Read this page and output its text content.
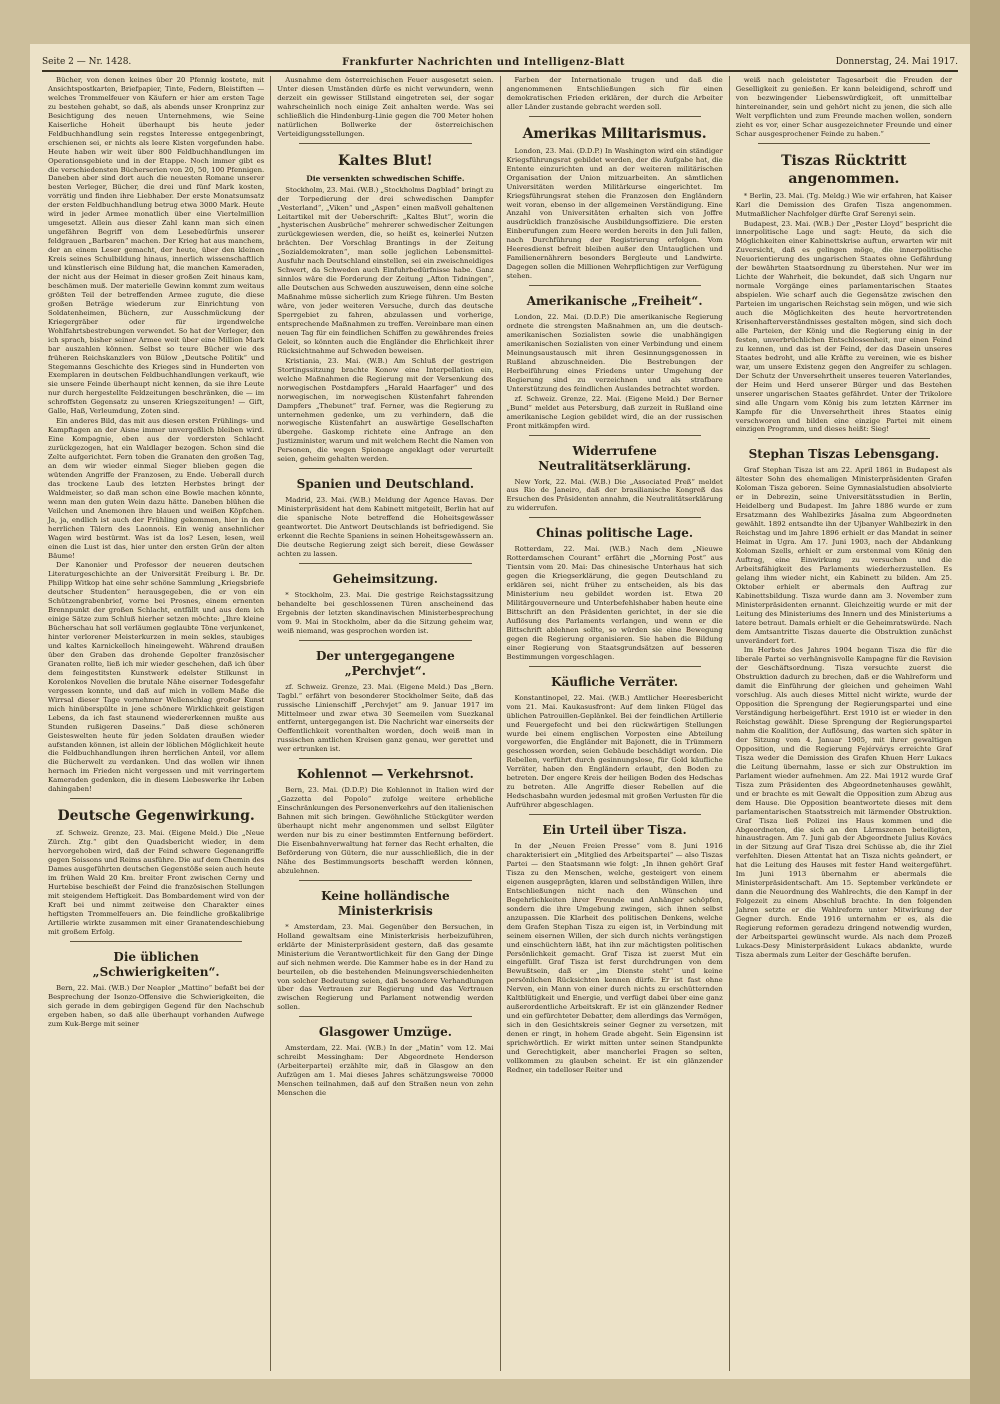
Seite 2 — Nr. 1428.	Frankfurter Nachrichten und Intelligenz-Blatt	Donnerstag, 24. Mai 1917.

Bücher, von denen keines über 20 Pfennig kostete, mit Ansichtspostkarten, Briefpapier, Tinte, Federn, Bleistiften — welches Trommelfeuer von Käufern er hier am ersten Tage zu bestehen gehabt, so daß, als abends unser Kronprinz zur Besichtigung des neuen Unternehmens, wie Seine Kaiserliche Hoheit überhaupt bis heute jeder Feldbuchhandlung sein regstes Interesse entgegenbringt, erschienen sei, er nichts als leere Kisten vorgefunden habe. Heute haben wir weit über 800 Feldbuchhandlungen im Operationsgebiete und in der Etappe. Noch immer gibt es die verschiedensten Bücherserien von 20, 50, 100 Pfennigen. Daneben aber sind dort auch die neuesten Romane unserer besten Verleger, Bücher, die drei und fünf Mark kosten, vorrätig und finden ihre Liebhaber. Der erste Monatsumsatz der ersten Feldbuchhandlung betrug etwa 3000 Mark. Heute wird in jeder Armee monatlich über eine Viertelmillion umgesetzt. Allein aus dieser Zahl kann man sich einen ungefähren Begriff von dem Lesebedürfnis unserer feldgrauen „Barbaren“ machen. Der Krieg hat aus manchem, der an einem Leser gemacht, der heute, über den kleinen Kreis seines Schulbildung hinaus, innerlich wissenschaftlich und künstlerisch eine Bildung hat, die manchen Kameraden, der nicht aus der Heimat in dieser großen Zeit hinaus kam, beschämen muß. Der materielle Gewinn kommt zum weitaus größten Teil der betreffenden Armee zugute, die diese großen Beträge wiederum zur Einrichtung von Soldatenheimen, Büchern, zur Ausschmückung der Kriegergräber oder für irgendwelche Wohlfahrtsbestrebungen verwendet. So hat der Verleger, den ich sprach, bisher seiner Armee weit über eine Million Mark bar auszahlen können. Selbst so teure Bücher wie des früheren Reichskanzlers von Bülow „Deutsche Politik“ und Stegemanns Geschichte des Krieges sind in Hunderten von Exemplaren in deutschen Feldbuchhandlungen verkauft, wie sie unsere Feinde überhaupt nicht kennen, da sie ihre Leute nur durch hergestellte Feldzeitungen beschränken, die — im schroffsten Gegensatz zu unseren Kriegszeitungen! — Gift, Galle, Haß, Verleumdung, Zoten sind.

Ein anderes Bild, das mit aus diesen ersten Frühlings- und Kampftagen an der Aisne immer unvergeßlich bleiben wird. Eine Kompagnie, eben aus der vordersten Schlacht zurückgezogen, hat ein Waldlager bezogen. Schon sind die Zelte aufgerichtet. Fern toben die Granaten den großen Tag, an dem wir wieder einmal Sieger blieben gegen die wütenden Angriffe der Franzosen, zu Ende. Ueberall durch das trockene Laub des letzten Herbstes bringt der Waldmeister, so daß man schon eine Bowle machen könnte, wenn man den guten Wein dazu hätte. Daneben blühen die Veilchen und Anemonen ihre blauen und weißen Köpfchen. Ja, ja, endlich ist auch der Frühling gekommen, hier in den herrlichen Tälern des Laonnois. Ein wenig ansehnlicher Wagen wird bestürmt. Was ist da los? Lesen, lesen, weil einen die Lust ist das, hier unter den ersten Grün der alten Bäume!

Der Kanonier und Professor der neueren deutschen Literaturgeschichte an der Universität Freiburg i. Br. Dr. Philipp Witkop hat eine sehr schöne Sammlung „Kriegsbriefe deutscher Studenten“ herausgegeben, die er von ein Schützengrabenbrief, vorne bei Prosnes, einem ernenten Brennpunkt der großen Schlacht, entfällt und aus dem ich einige Sätze zum Schluß hierher setzen möchte: „Ihre kleine Bücherschau hat soll verläumen geglaubte Töne verjunkenet, hinter verlorener Meisterkurzen in mein sekles, staubiges und kaltes Karnickelloch hineingeweht. Während draußen über den Graben das drohende Gepolter französischer Granaten rollte, ließ ich mir wieder geschehen, daß ich über dem feingestitsten Kunstwerk edelster Stilkunst in Korolenkos Novellen die brutale Nähe eiserner Todesgefahr vergessen konnte, und daß auf mich in vollem Maße die Wirrsal dieser Tage vornehmer Wellenschlag großer Kunst mich hinüberspülte in jene schönere Wirklichkeit geistigen Lebens, da ich fast staunend wiedererkennen mußte aus Stunden rußigeren Daseins.“ Daß diese schöneren Geisteswelten heute für jeden Soldaten draußen wieder aufstanden können, ist allein der löblichen Möglichkeit heute die Feldbuchhandlungen ihren herrlichen Anteil, vor allem die Bücherwelt zu verdanken. Und das wollen wir ihnen hernach im Frieden nicht vergessen und mit verringertem Kameraden gedenken, die in diesem Liebeswerke ihr Leben dahingaben!

Deutsche Gegenwirkung.

zf. Schweiz. Grenze, 23. Mai. (Eigene Meld.) Die „Neue Zürch. Ztg.“ gibt den Quadsbericht wieder, in dem hervorgehoben wird, daß der Feind schwere Gegenangriffe gegen Soissons und Reims ausführe. Die auf dem Chemin des Dames ausgeführten deutschen Gegenstöße seien auch heute im frühen Wald 20 Km. breiter Front zwischen Cerny und Hurtebise beschießt der Feind die französischen Stellungen mit steigendem Heftigkeit. Das Bombardement wird von der Kraft bei und nimmt zeitweise den Charakter eines heftigsten Trommelfeuers an. Die feindliche großkalibrige Artillerie wirkte zusammen mit einer Granatendeschiebung mit großem Erfolg.

Die üblichen „Schwierigkeiten“.

Bern, 22. Mai. (W.B.) Der Neapler „Mattino“ befaßt bei der Besprechung der Isonzo-Offensive die Schwierigkeiten, die sich gerade in dem gebirgigen Gegend für den Nachschub ergeben haben, so daß alle überhaupt vorhanden Aufwege zum Kuk-Berge mit seiner

Ausnahme dem österreichischen Feuer ausgesetzt seien. Unter diesen Umständen dürfe es nicht verwundern, wenn derzeit ein gewisser Stillstand eingetreten sei, der sogar wahrscheinlich noch einige Zeit anhalten werde. Was sei schließlich die Hindenburg-Linie gegen die 700 Meter hohen natürlichen Bollwerke der österreichischen Verteidigungsstellungen.

Kaltes Blut!
Die versenkten schwedischen Schiffe.

Stockholm, 23. Mai. (W.B.) „Stockholms Dagblad“ bringt zu der Torpedierung der drei schwedischen Dampfer „Vesterland“, „Viken“ und „Aspen“ einen maßvoll gehaltenen Leitartikel mit der Ueberschrift: „Kaltes Blut“, worin die „hysterischen Ausbrüche“ mehrerer schwedischer Zeitungen zurückgewiesen werden, die, so heißt es, keinerlei Nutzen brächten. Der Vorschlag Brantings in der Zeitung „Sozialdemokraten“, man solle jeglichen Lebensmittel-Ausfuhr nach Deutschland einstellen, sei ein zweischneidiges Schwert, da Schweden auch Einfuhrbedürfnisse habe. Ganz sinnlos wäre die Forderung der Zeitung „Afton Tidningen“, alle Deutschen aus Schweden auszuweisen, denn eine solche Maßnahme müsse sicherlich zum Kriege führen. Um Besten wäre, von jeder weiteren Versuche, durch das deutsche Sperrgebiet zu fahren, abzulassen und vorherige, entsprechende Maßnahmen zu treffen. Vereinbare man einen neuen Tag für ein feindlichen Schiffen zu gewährendes freies Geleit, so könnten auch die Engländer die Ehrlichkeit ihrer Rücksichtnahme auf Schweden beweisen.

Kristiania, 23. Mai. (W.B.) Am Schluß der gestrigen Stortingssitzung brachte Konow eine Interpellation ein, welche Maßnahmen die Regierung mit der Versenkung des norwegischen Postdampfers „Harald Haarfager“ und des norwegischen, im norwegischen Küstenfahrt fahrenden Dampfers „Thebunet“ traf. Ferner, was die Regierung zu unternehmen gedenke, um zu verhindern, daß die norwegische Küstenfahrt an auswärtige Gesellschaften übergehe. Gaskomp richtete eine Anfrage an den Justizminister, warum und mit welchem Recht die Namen von Personen, die wegen Spionage angeklagt oder verurteilt seien, geheim gehalten werden.

Spanien und Deutschland.

Madrid, 23. Mai. (W.B.) Meldung der Agence Havas. Der Ministerpräsident hat dem Kabinett mitgeteilt, Berlin hat auf die spanische Note betreffend die Hoheitsgewässer geantwortet. Die Antwort Deutschlands ist befriedigend. Sie erkennt die Rechte Spaniens in seinen Hoheitsgewässern an. Die deutsche Regierung zeigt sich bereit, diese Gewässer achten zu lassen.

Geheimsitzung.

* Stockholm, 23. Mai. Die gestrige Reichstagssitzung behandelte bei geschlossenen Türen anscheinend das Ergebnis der letzten skandinavischen Ministerbesprechung vom 9. Mai in Stockholm, aber da die Sitzung geheim war, weiß niemand, was gesprochen worden ist.

Der untergegangene „Perchvjet“.

zf. Schweiz. Grenze, 23. Mai. (Eigene Meld.) Das „Bern. Tagbl.“ erfährt von besonderer Stockholmer Seite, daß das russische Linienschiff „Perchvjet“ am 9. Januar 1917 im Mittelmeer und zwar etwa 30 Seemeilen vom Suezkanal entfernt, untergegangen ist. Die Nachricht war einerseits der Oeffentlichkeit vorenthalten worden, doch weiß man in russischen amtlichen Kreisen ganz genau, wer gerettet und wer ertrunken ist.

Kohlennot — Verkehrsnot.

Bern, 23. Mai. (D.D.P.) Die Kohlennot in Italien wird der „Gazzetta del Popolo“ zufolge weitere erhebliche Einschränkungen des Personenverkehrs auf den italienischen Bahnen mit sich bringen. Gewöhnliche Stückgüter werden überhaupt nicht mehr angenommen und selbst Eilgüter werden nur bis zu einer bestimmten Entfernung befördert. Die Eisenbahnverwaltung hat ferner das Recht erhalten, die Beförderung von Gütern, die nur ausschließlich, die in der Nähe des Bestimmungsorts beschafft werden können, abzulehnen.

Keine holländische Ministerkrisis

* Amsterdam, 23. Mai. Gegenüber den Bersuchen, in Holland gewaltsam eine Ministerkrisis herbeizuführen, erklärte der Ministerpräsident gestern, daß das gesamte Ministerium die Verantwortlichkeit für den Gang der Dinge auf sich nehmen werde. Die Kammer habe es in der Hand zu beurteilen, ob die bestehenden Meinungsverschiedenheiten von solcher Bedeutung seien, daß besondere Verhandlungen über das Vertrauen zur Regierung und das Vertrauen zwischen Regierung und Parlament notwendig werden sollen.

Glasgower Umzüge.

Amsterdam, 22. Mai. (W.B.) In der „Matin“ vom 12. Mai schreibt Messingham: Der Abgeordnete Henderson (Arbeiterpartei) erzählte mir, daß in Glasgow an den Aufzügen am 1. Mai dieses Jahres schätzungsweise 70000 Menschen teilnahmen, daß auf den Straßen neun von zehn Menschen die

Farben der Internationale trugen und daß die angenommenen Entschließungen sich für einen demokratischen Frieden erklären, der durch die Arbeiter aller Länder zustande gebracht werden soll.

Amerikas Militarismus.

London, 23. Mai. (D.D.P.) In Washington wird ein ständiger Kriegsführungsrat gebildet werden, der die Aufgabe hat, die Entente einzurichten und an der weiteren militärischen Organisation der Union mitzuarbeiten. An sämtlichen Universitäten werden Militärkurse eingerichtet. Im Kriegsführungsrat stehen die Franzosen den Engländern weit voran, ebenso in der allgemeinen Verständigung. Eine Anzahl von Universitäten erhalten sich von Joffre ausdrücklich französische Ausbildungsoffiziere. Die ersten Einberufungen zum Heere werden bereits in den Juli fallen, nach Durchführung der Registrierung erfolgen. Vom Heeresdienst befreit bleiben außer den Untauglichen und Familienernährern besonders Bergleute und Landwirte. Dagegen sollen die Millionen Wehrpflichtigen zur Verfügung stehen.

Amerikanische „Freiheit“.

London, 22. Mai. (D.D.P.) Die amerikanische Regierung ordnete die strengsten Maßnahmen an, um die deutsch-amerikanischen Sozialisten sowie die unabhängigen amerikanischen Sozialisten von einer Verbindung und einem Meinungsaustausch mit ihren Gesinnungsgenossen in Rußland abzuschneiden. Die Bestrebungen der Herbeiführung eines Friedens unter Umgehung der Regierung sind zu verzeichnen und als strafbare Unterstützung des feindlichen Auslandes betrachtet worden.

zf. Schweiz. Grenze, 22. Mai. (Eigene Meld.) Der Berner „Bund“ meldet aus Petersburg, daß zurzeit in Rußland eine amerikanische Legion gebildet wird, die an der russischen Front mitkämpfen wird.

Widerrufene Neutralitätserklärung.

New York, 22. Mai. (W.B.) Die „Associated Preß“ meldet aus Rio de Janeiro, daß der brasilianische Kongreß das Ersuchen des Präsidenten annahm, die Neutralitätserklärung zu widerrufen.

Chinas politische Lage.

Rotterdam, 22. Mai. (W.B.) Nach dem „Nieuwe Rotterdamschen Courant“ erfährt die „Morning Post“ aus Tientsin vom 20. Mai: Das chinesische Unterhaus hat sich gegen die Kriegserklärung, die gegen Deutschland zu erklären sei, nicht früher zu entscheiden, als bis das Ministerium neu gebildet worden ist. Etwa 20 Militärgouverneure und Unterbefehlshaber haben heute eine Bittschrift an den Präsidenten gerichtet, in der sie die Auflösung des Parlaments verlangen, und wenn er die Bittschrift ablehnen sollte, so würden sie eine Bewegung gegen die Regierung organisieren. Sie haben die Bildung einer Regierung von Staatsgrundsätzen auf besseren Bestimmungen vorgeschlagen.

Käufliche Verräter.

Konstantinopel, 22. Mai. (W.B.) Amtlicher Heeresbericht vom 21. Mai. Kaukasusfront: Auf dem linken Flügel das üblichen Patrouillen-Geplänkel. Bei der feindlichen Artillerie und Feuergefecht und bei den rückwärtigen Stellungen wurde bei einem englischen Vorposten eine Abteilung vorgeworfen, die Engländer mit Bajonett, die in Trümmern geschossen worden, seien Gebäude beschädigt worden. Die Rebellen, verführt durch gesinnungslose, für Gold käufliche Verräter, haben den Engländern erlaubt, den Boden zu betreten. Der engere Kreis der heiligen Boden des Hedschas zu betreten. Alle Angriffe dieser Rebellen auf die Hedschasbahn wurden jedesmal mit großen Verlusten für die Aufrührer abgeschlagen.

Ein Urteil über Tisza.

In der „Neuen Freien Presse“ vom 8. Juni 1916 charakterisiert ein „Mitglied des Arbeitspartei“ — also Tiszas Partei — den Staatsmann wie folgt: „In ihnen gehört Graf Tisza zu den Menschen, welche, gesteigert von einem eigenen ausgeprägten, klaren und selbständigen Willen, ihre Entschließungen nicht nach den Wünschen und Begehrlichkeiten ihrer Freunde und Anhänger schöpfen, sondern die ihre Umgebung zwingen, sich ihnen selbst anzupassen. Die Klarheit des politischen Denkens, welche dem Grafen Stephan Tisza zu eigen ist, in Verbindung mit seinem eisernen Willen, der sich durch nichts verängstigen und einschüchtern läßt, hat ihn zur mächtigsten politischen Persönlichkeit gemacht. Graf Tisza ist zuerst Mut ein eingefüllt. Graf Tisza ist ferst durchdrungen von dem Bewußtsein, daß er „im Dienste steht“ und keine persönlichen Rücksichten kennen dürfe. Er ist fast ohne Nerven, ein Mann von einer durch nichts zu erschütternden Kaltblütigkeit und Energie, und verfügt dabei über eine ganz außerordentliche Arbeitskraft. Er ist ein glänzender Redner und ein gefürchteter Debatter, dem allerdings das Vermögen, sich in den Gesichtskreis seiner Gegner zu versetzen, mit denen er ringt, in hohem Grade abgeht. Sein Eigensinn ist sprichwörtlich. Er wirkt mitten unter seinen Standpunkte und Gerechtigkeit, aber mancherlei Fragen so selten, vollkommen zu glauben scheint. Er ist ein glänzender Redner, ein tadelloser Reiter und

weiß nach geleisteter Tagesarbeit die Freuden der Geselligkeit zu genießen. Er kann beleidigend, schroff und von bezwingender Liebenswürdigkeit, oft unmittelbar hintereinander, sein und gehört nicht zu jenen, die sich alle Welt verpflichten und zum Freunde machen wollen, sondern zieht es vor, einer Schar ausgezeichneter Freunde und einer Schar ausgesprochener Feinde zu haben.“

Tiszas Rücktritt angenommen.

* Berlin, 23. Mai. (Tg. Meldg.) Wie wir erfahren, hat Kaiser Karl die Demission des Grafen Tisza angenommen. Mutmaßlicher Nachfolger dürfte Graf Serenyi sein.

Budapest, 23. Mai. (W.B.) Der „Pester Lloyd“ bespricht die innerpolitische Lage und sagt: Heute, da sich die Möglichkeiten einer Kabinettskrise auftun, erwarten wir mit Zuversicht, daß es gelingen möge, die innerpolitische Neuorientierung des ungarischen Staates ohne Gefährdung der bewährten Staatsordnung zu überstehen. Nur wer im Lichte der Wahrheit, die bekundet, daß sich Ungarn nur normale Vorgänge eines parlamentarischen Staates abspielen. Wie scharf auch die Gegensätze zwischen den Parteien im ungarischen Reichstag sein mögen, und wie sich auch die Möglichkeiten des heute hervortretenden Krisenhafterverständnisses gestalten mögen, sind sich doch alle Parteien, der König und die Regierung einig in der festen, unverbrüchlichen Entschlossenheit, nur einen Feind zu kennen, und das ist der Feind, der das Dasein unseres Staates bedroht, und alle Kräfte zu vereinen, wie es bisher war, um unsere Existenz gegen den Angreifer zu schlagen. Der Schutz der Unversehrtheit unseres teueren Vaterlandes, der Heim und Herd unserer Bürger und das Bestehen unserer ungarischen Staates gefährdet. Unter der Trikolore sind alle Ungarn vom König bis zum letzten Kärrner im Kampfe für die Unversehrtheit ihres Staates einig verschworen und bilden eine einzige Partei mit einem einzigen Programm, und dieses heißt: Sieg!

Stephan Tiszas Lebensgang.

Graf Stephan Tisza ist am 22. April 1861 in Budapest als ältester Sohn des ehemaligen Ministerpräsidenten Grafen Koloman Tisza geboren. Seine Gymnasialstudien absolvierte er in Debrezin, seine Universitätsstudien in Berlin, Heidelberg und Budapest. Im Jahre 1886 wurde er zum Ersatzmann des Wahlbezirks Jásalna zum Abgeordneten gewählt. 1892 entsandte ihn der Ujbanyer Wahlbezirk in den Reichstag und im Jahre 1896 erhielt er das Mandat in seiner Heimat in Ugra. Am 17. Juni 1903, nach der Abdankung Koloman Szells, erhielt er zum erstenmal vom König den Auftrag, eine Einwirkung zu versuchen und die Arbeitsfähigkeit des Parlaments wiederherzustellen. Es gelang ihm wieder nicht, ein Kabinett zu bilden. Am 25. Oktober erhielt er abermals den Auftrag zur Kabinettsbildung. Tisza wurde dann am 3. November zum Ministerpräsidenten ernannt. Gleichzeitig wurde er mit der Leitung des Ministeriums des Innern und des Ministeriums a latere betraut. Damals erhielt er die Geheimratswürde. Nach dem Amtsantritte Tiszas dauerte die Obstruktion zunächst unverändert fort.

Im Herbste des Jahres 1904 begann Tisza die für die liberale Partei so verhängnisvolle Kampagne für die Revision der Geschäftsordnung. Tisza versuchte zuerst die Obstruktion dadurch zu brechen, daß er die Wahlreform und damit die Einführung der gleichen und geheimen Wahl vorschlug. Als auch dieses Mittel nicht wirkte, wurde der Opposition die Sprengung der Regierungspartei und eine Verständigung herbeigeführt. Erst 1910 ist er wieder in den Reichstag gewählt. Diese Sprengung der Regierungspartei nahm die Koalition, der Auflösung, das warten sich später in der Sitzung vom 4. Januar 1905, mit ihrer gewaltigen Opposition, und die Regierung Fejérvárys erreichte Graf Tisza weder die Demission des Grafen Khuen Herr Lukacs die Leitung übernahm, lasse er sich zur Obstruktion im Parlament wieder aufnehmen. Am 22. Mai 1912 wurde Graf Tisza zum Präsidenten des Abgeordnetenhauses gewählt, und er brachte es mit Gewalt die Opposition zum Abzug aus dem Hause. Die Opposition beantwortete dieses mit dem parlamentarischen Staatsstreich mit lärmender Obstruktion. Graf Tisza ließ Polizei ins Haus kommen und die Abgeordneten, die sich an den Lärmszenen beteiligten, hinaustragen. Am 7. Juni gab der Abgeordnete Julius Kovács in der Sitzung auf Graf Tisza drei Schüsse ab, die ihr Ziel verfehlten. Diesen Attentat hat an Tisza nichts geändert, er hat die Leitung des Hauses mit fester Hand weitergeführt. Im Juni 1913 übernahm er abermals die Ministerpräsidentschaft. Am 15. September verkündete er dann die Neuordnung des Wahlrechts, die den Kampf in der Folgezeit zu einem Abschluß brachte. In den folgenden Jahren setzte er die Wahlreform unter Mitwirkung der Gegner durch. Ende 1916 unternahm er es, als die Regierung reformen geradezu dringend notwendig wurden, der Arbeitspartei gewünscht wurde. Als nach dem Prozeß Lukacs-Desy Ministerpräsident Lukacs abdankte, wurde Tisza abermals zum Leiter der Geschäfte berufen.
